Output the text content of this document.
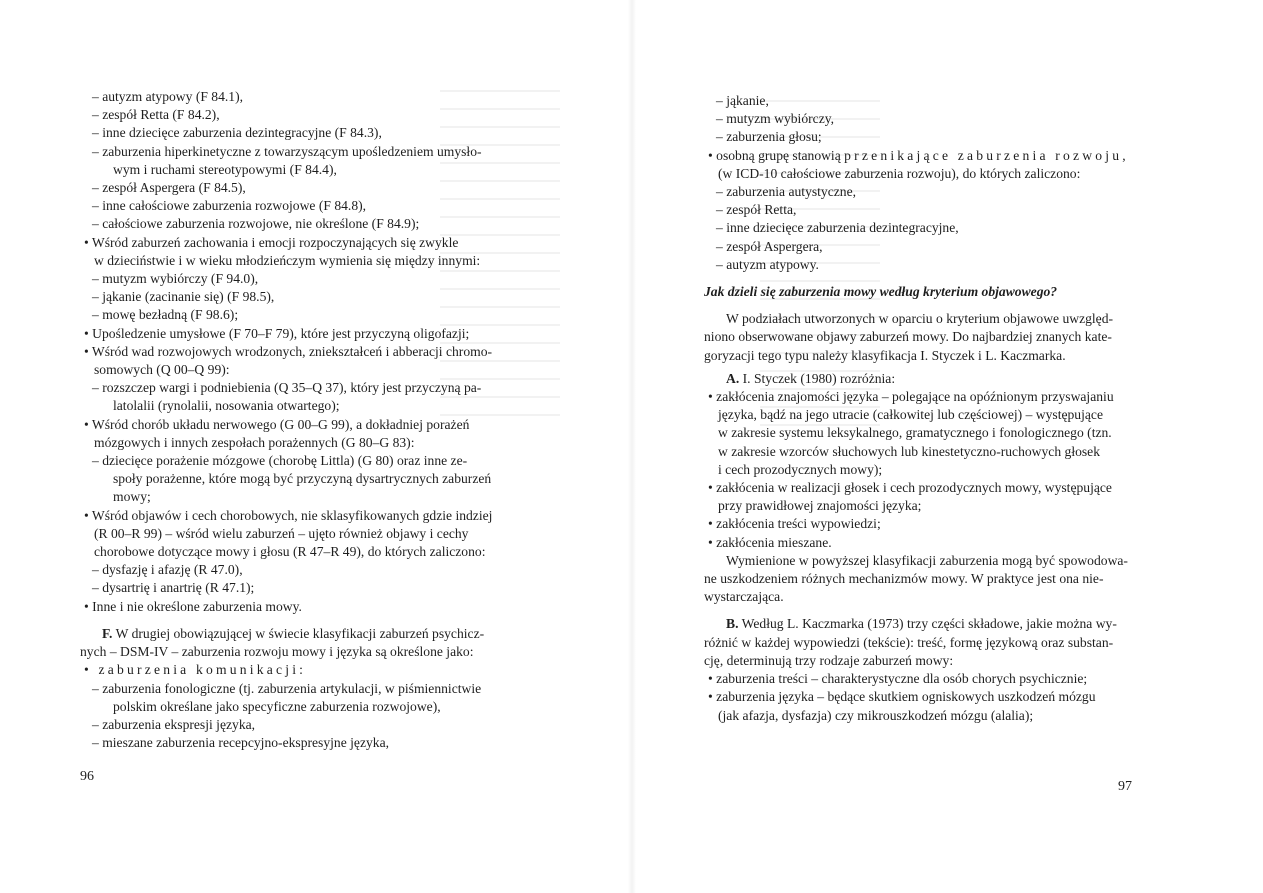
– autyzm atypowy (F 84.1),
– zespół Retta (F 84.2),
– inne dziecięce zaburzenia dezintegracyjne (F 84.3),
– zaburzenia hiperkinetyczne z towarzyszącym upośledzeniem umysło-
wym i ruchami stereotypowymi (F 84.4),
– zespół Aspergera (F 84.5),
– inne całościowe zaburzenia rozwojowe (F 84.8),
– całościowe zaburzenia rozwojowe, nie określone (F 84.9);
• Wśród zaburzeń zachowania i emocji rozpoczynających się zwykle
w dzieciństwie i w wieku młodzieńczym wymienia się między innymi:
– mutyzm wybiórczy (F 94.0),
– jąkanie (zacinanie się) (F 98.5),
– mowę bezładną (F 98.6);
• Upośledzenie umysłowe (F 70–F 79), które jest przyczyną oligofazji;
• Wśród wad rozwojowych wrodzonych, zniekształceń i abberacji chromo-
somowych (Q 00–Q 99):
– rozszczep wargi i podniebienia (Q 35–Q 37), który jest przyczyną pa-
latolalii (rynolalii, nosowania otwartego);
• Wśród chorób układu nerwowego (G 00–G 99), a dokładniej porażeń
mózgowych i innych zespołach porażennych (G 80–G 83):
– dziecięce porażenie mózgowe (chorobę Littla) (G 80) oraz inne ze-
społy porażenne, które mogą być przyczyną dysartrycznych zaburzeń
mowy;
• Wśród objawów i cech chorobowych, nie sklasyfikowanych gdzie indziej
(R 00–R 99) – wśród wielu zaburzeń – ujęto również objawy i cechy
chorobowe dotyczące mowy i głosu (R 47–R 49), do których zaliczono:
– dysfazję i afazję (R 47.0),
– dysartrię i anartrię (R 47.1);
• Inne i nie określone zaburzenia mowy.
F. W drugiej obowiązującej w świecie klasyfikacji zaburzeń psychicz-
nych – DSM-IV – zaburzenia rozwoju mowy i języka są określone jako:
• zaburzenia komunikacji:
– zaburzenia fonologiczne (tj. zaburzenia artykulacji, w piśmiennictwie
polskim określane jako specyficzne zaburzenia rozwojowe),
– zaburzenia ekspresji języka,
– mieszane zaburzenia recepcyjno-ekspresyjne języka,
96
– jąkanie,
– mutyzm wybiórczy,
– zaburzenia głosu;
• osobną grupę stanowią przenikające zaburzenia rozwoju,
(w ICD-10 całościowe zaburzenia rozwoju), do których zaliczono:
– zaburzenia autystyczne,
– zespół Retta,
– inne dziecięce zaburzenia dezintegracyjne,
– zespół Aspergera,
– autyzm atypowy.
Jak dzieli się zaburzenia mowy według kryterium objawowego?
W podziałach utworzonych w oparciu o kryterium objawowe uwzględ-
niono obserwowane objawy zaburzeń mowy. Do najbardziej znanych kate-
goryzacji tego typu należy klasyfikacja I. Styczek i L. Kaczmarka.
A. I. Styczek (1980) rozróżnia:
• zakłócenia znajomości języka – polegające na opóźnionym przyswajaniu
języka, bądź na jego utracie (całkowitej lub częściowej) – występujące
w zakresie systemu leksykalnego, gramatycznego i fonologicznego (tzn.
w zakresie wzorców słuchowych lub kinestetyczno-ruchowych głosek
i cech prozodycznych mowy);
• zakłócenia w realizacji głosek i cech prozodycznych mowy, występujące
przy prawidłowej znajomości języka;
• zakłócenia treści wypowiedzi;
• zakłócenia mieszane.
Wymienione w powyższej klasyfikacji zaburzenia mogą być spowodowa-
ne uszkodzeniem różnych mechanizmów mowy. W praktyce jest ona nie-
wystarczająca.
B. Według L. Kaczmarka (1973) trzy części składowe, jakie można wy-
różnić w każdej wypowiedzi (tekście): treść, formę językową oraz substan-
cję, determinują trzy rodzaje zaburzeń mowy:
• zaburzenia treści – charakterystyczne dla osób chorych psychicznie;
• zaburzenia języka – będące skutkiem ogniskowych uszkodzeń mózgu
(jak afazja, dysfazja) czy mikrouszkodzeń mózgu (alalia);
97
